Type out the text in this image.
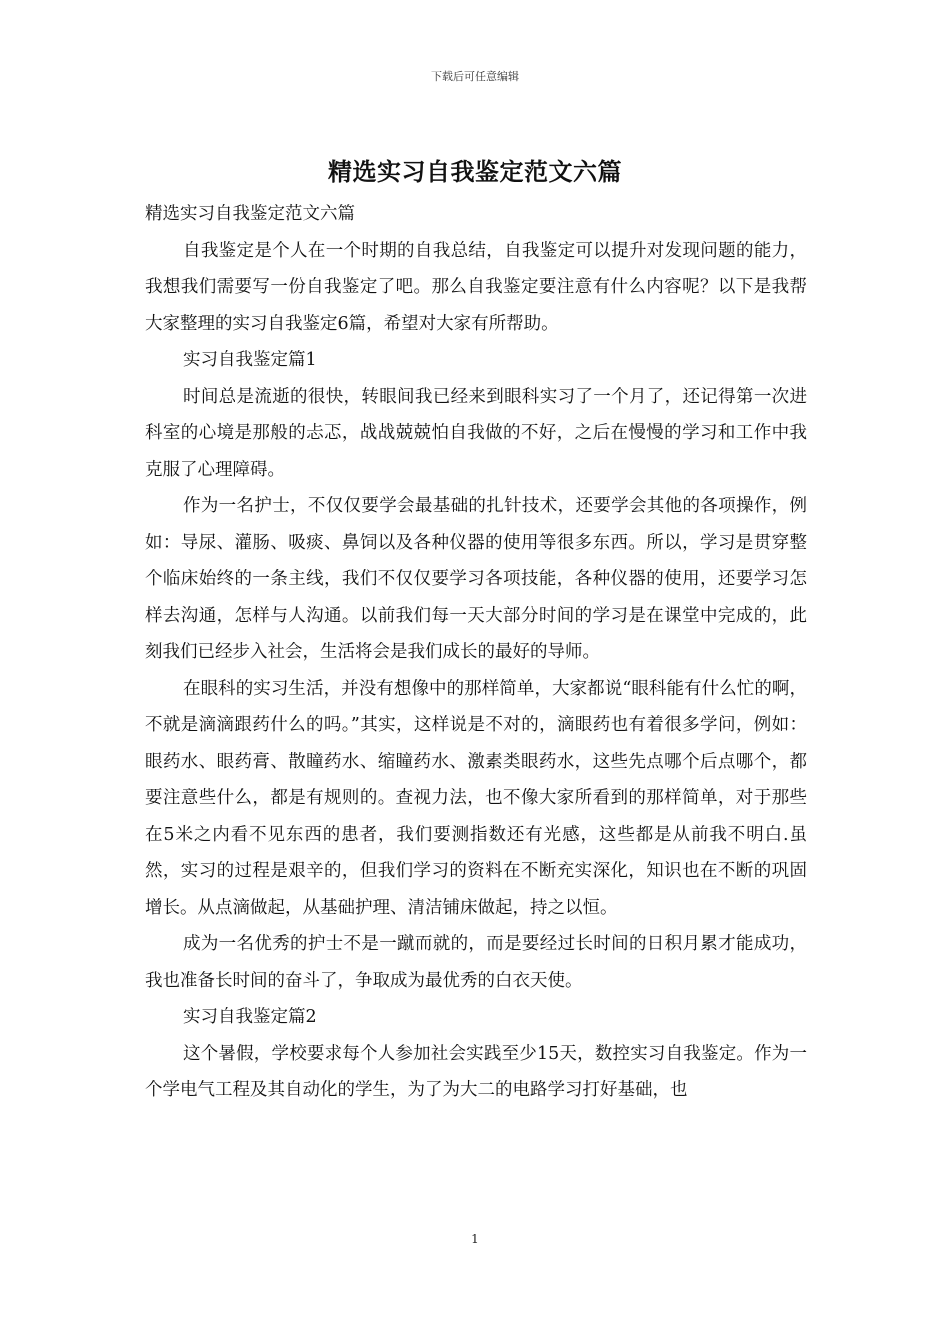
下载后可任意编辑
精选实习自我鉴定范文六篇

精选实习自我鉴定范文六篇

自我鉴定是个人在一个时期的自我总结，自我鉴定可以提升对发现问题的能力，我想我们需要写一份自我鉴定了吧。那么自我鉴定要注意有什么内容呢？以下是我帮大家整理的实习自我鉴定6篇，希望对大家有所帮助。

实习自我鉴定篇1

时间总是流逝的很快，转眼间我已经来到眼科实习了一个月了，还记得第一次进科室的心境是那般的忐忑，战战兢兢怕自我做的不好，之后在慢慢的学习和工作中我克服了心理障碍。

作为一名护士，不仅仅要学会最基础的扎针技术，还要学会其他的各项操作，例如：导尿、灌肠、吸痰、鼻饲以及各种仪器的使用等很多东西。所以，学习是贯穿整个临床始终的一条主线，我们不仅仅要学习各项技能，各种仪器的使用，还要学习怎样去沟通，怎样与人沟通。以前我们每一天大部分时间的学习是在课堂中完成的，此刻我们已经步入社会，生活将会是我们成长的最好的导师。

在眼科的实习生活，并没有想像中的那样简单，大家都说“眼科能有什么忙的啊，不就是滴滴跟药什么的吗。”其实，这样说是不对的，滴眼药也有着很多学问，例如：眼药水、眼药膏、散瞳药水、缩瞳药水、激素类眼药水，这些先点哪个后点哪个，都要注意些什么，都是有规则的。查视力法，也不像大家所看到的那样简单，对于那些在5米之内看不见东西的患者，我们要测指数还有光感，这些都是从前我不明白.虽然，实习的过程是艰辛的，但我们学习的资料在不断充实深化，知识也在不断的巩固增长。从点滴做起，从基础护理、清洁铺床做起，持之以恒。

成为一名优秀的护士不是一蹴而就的，而是要经过长时间的日积月累才能成功，我也准备长时间的奋斗了，争取成为最优秀的白衣天使。

实习自我鉴定篇2

这个暑假，学校要求每个人参加社会实践至少15天，数控实习自我鉴定。作为一个学电气工程及其自动化的学生，为了为大二的电路学习打好基础，也

1
